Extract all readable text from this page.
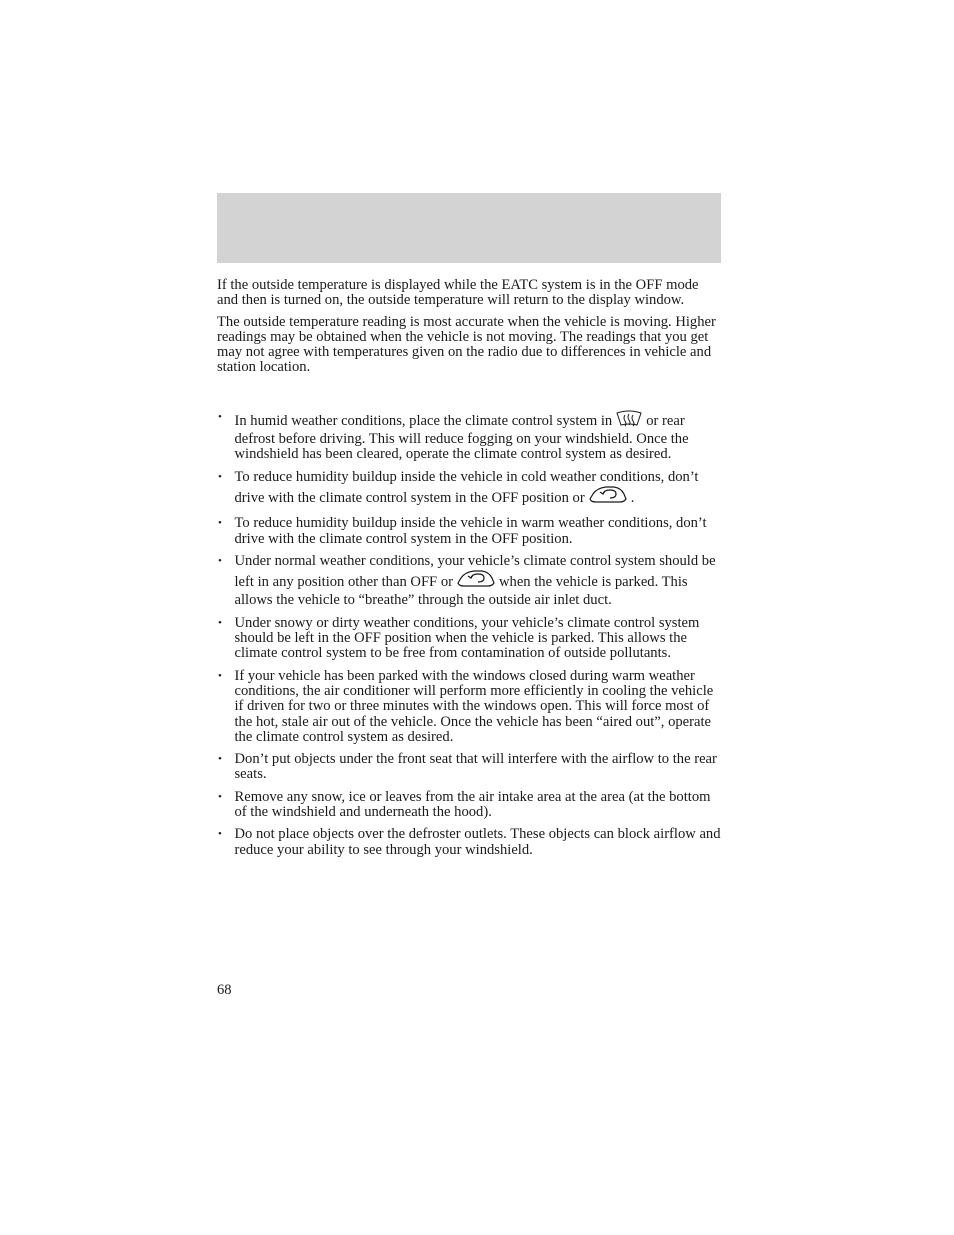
If the outside temperature is displayed while the EATC system is in the OFF mode and then is turned on, the outside temperature will return to the display window.

The outside temperature reading is most accurate when the vehicle is moving. Higher readings may be obtained when the vehicle is not moving. The readings that you get may not agree with temperatures given on the radio due to differences in vehicle and station location.

• In humid weather conditions, place the climate control system in or rear defrost before driving. This will reduce fogging on your windshield. Once the windshield has been cleared, operate the climate control system as desired.
• To reduce humidity buildup inside the vehicle in cold weather conditions, don’t drive with the climate control system in the OFF position or	.
• To reduce humidity buildup inside the vehicle in warm weather conditions, don’t drive with the climate control system in the OFF position.
• Under normal weather conditions, your vehicle’s climate control system should be left in any position other than OFF or	when the vehicle is parked. This allows the vehicle to “breathe” through the outside air inlet duct.
• Under snowy or dirty weather conditions, your vehicle’s climate control system should be left in the OFF position when the vehicle is parked. This allows the climate control system to be free from contamination of outside pollutants.
• If your vehicle has been parked with the windows closed during warm weather conditions, the air conditioner will perform more efficiently in cooling the vehicle if driven for two or three minutes with the windows open. This will force most of the hot, stale air out of the vehicle. Once the vehicle has been “aired out”, operate the climate control system as desired.
• Don’t put objects under the front seat that will interfere with the airflow to the rear seats.
• Remove any snow, ice or leaves from the air intake area at the area (at the bottom of the windshield and underneath the hood).
• Do not place objects over the defroster outlets. These objects can block airflow and reduce your ability to see through your windshield.
68
